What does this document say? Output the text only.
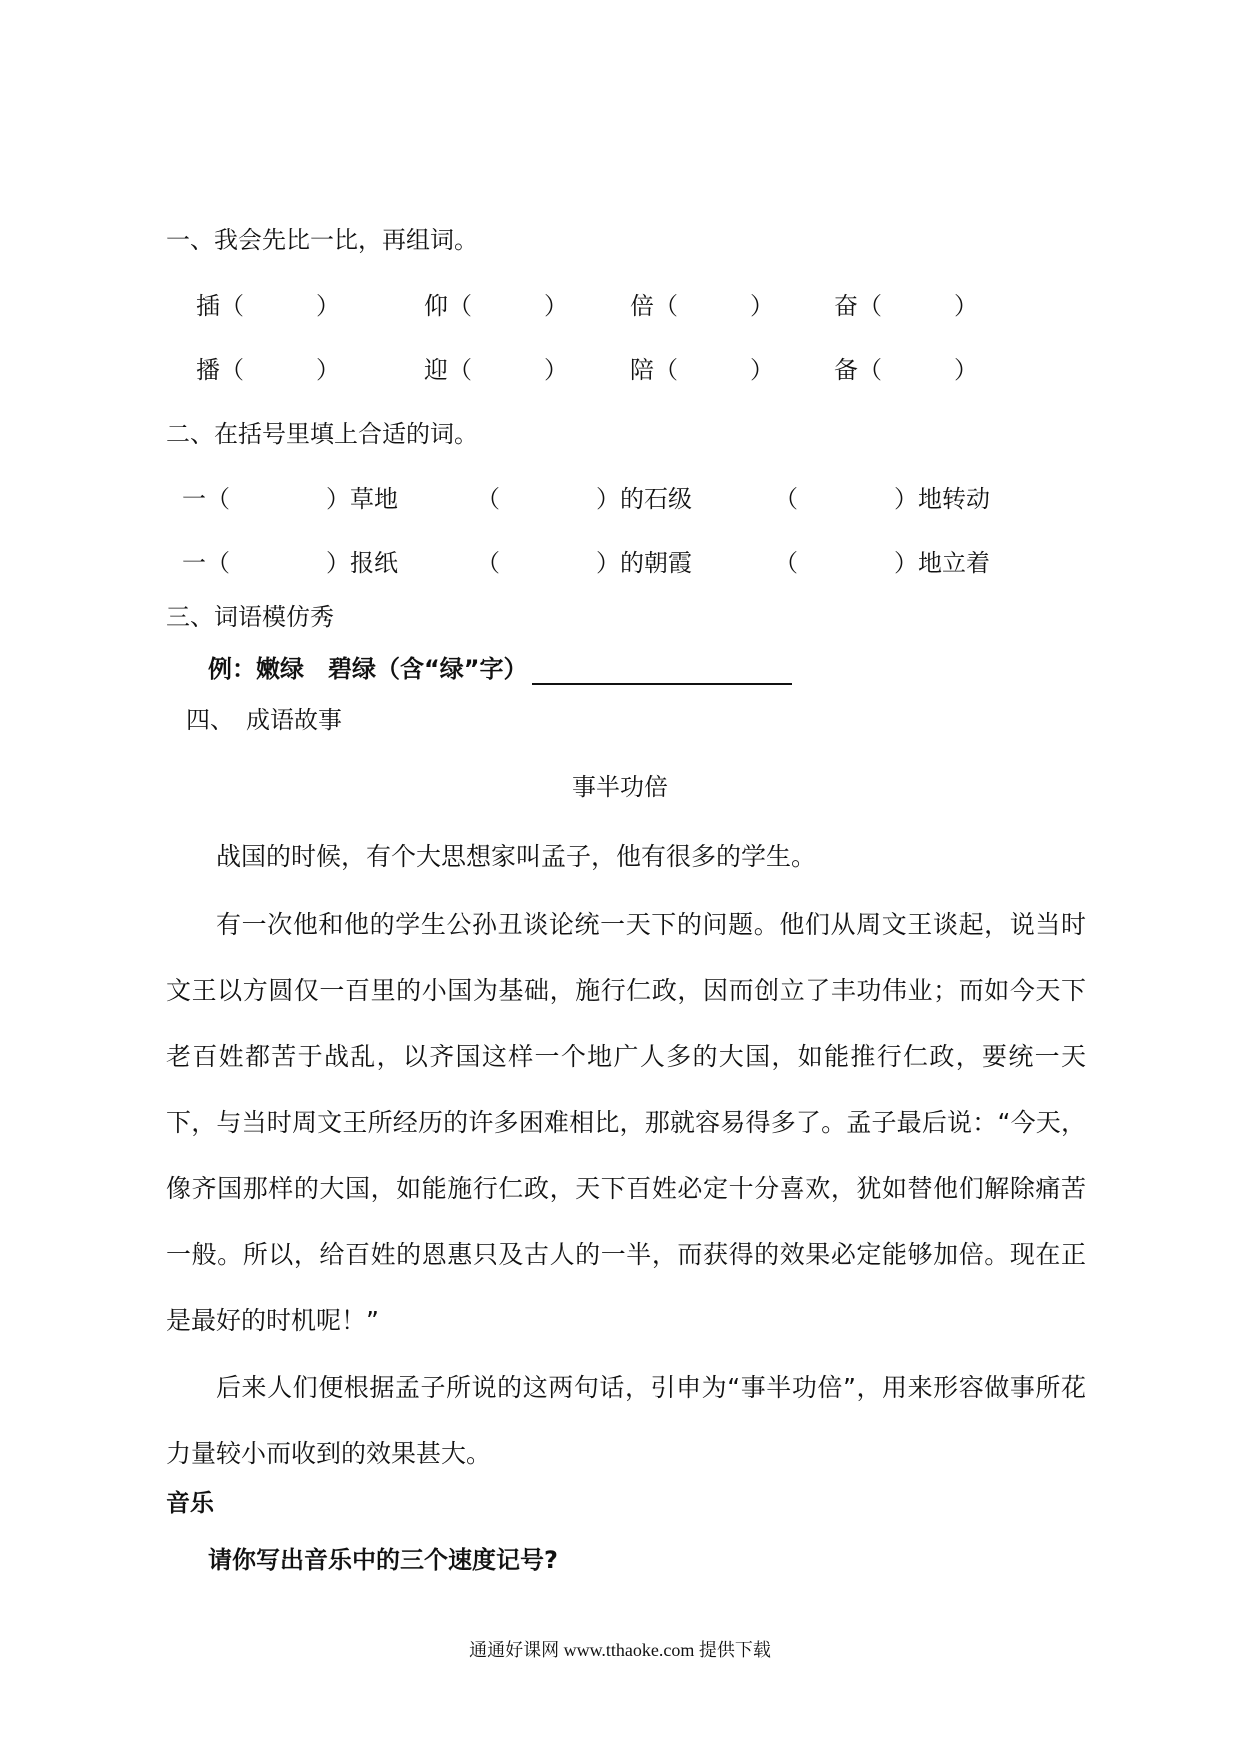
一、我会先比一比，再组词。
插（　　　）	仰（　　　）	倍（　　　）	奋（　　　）
播（　　　）	迎（　　　）	陪（　　　）	备（　　　）
二、在括号里填上合适的词。
一（　　　　）草地	（　　　　）的石级	（　　　　）地转动
一（　　　　）报纸	（　　　　）的朝霞	（　　　　）地立着
三、词语模仿秀
例：嫩绿　碧绿（含“绿”字）
四、　成语故事
事半功倍
战国的时候，有个大思想家叫孟子，他有很多的学生。
有一次他和他的学生公孙丑谈论统一天下的问题。他们从周文王谈起，说当时文王以方圆仅一百里的小国为基础，施行仁政，因而创立了丰功伟业；而如今天下老百姓都苦于战乱，以齐国这样一个地广人多的大国，如能推行仁政，要统一天下，与当时周文王所经历的许多困难相比，那就容易得多了。孟子最后说：“今天，像齐国那样的大国，如能施行仁政，天下百姓必定十分喜欢，犹如替他们解除痛苦一般。所以，给百姓的恩惠只及古人的一半，而获得的效果必定能够加倍。现在正是最好的时机呢！”
后来人们便根据孟子所说的这两句话，引申为“事半功倍”，用来形容做事所花力量较小而收到的效果甚大。
音乐
请你写出音乐中的三个速度记号?
通通好课网 www.tthaoke.com 提供下载
